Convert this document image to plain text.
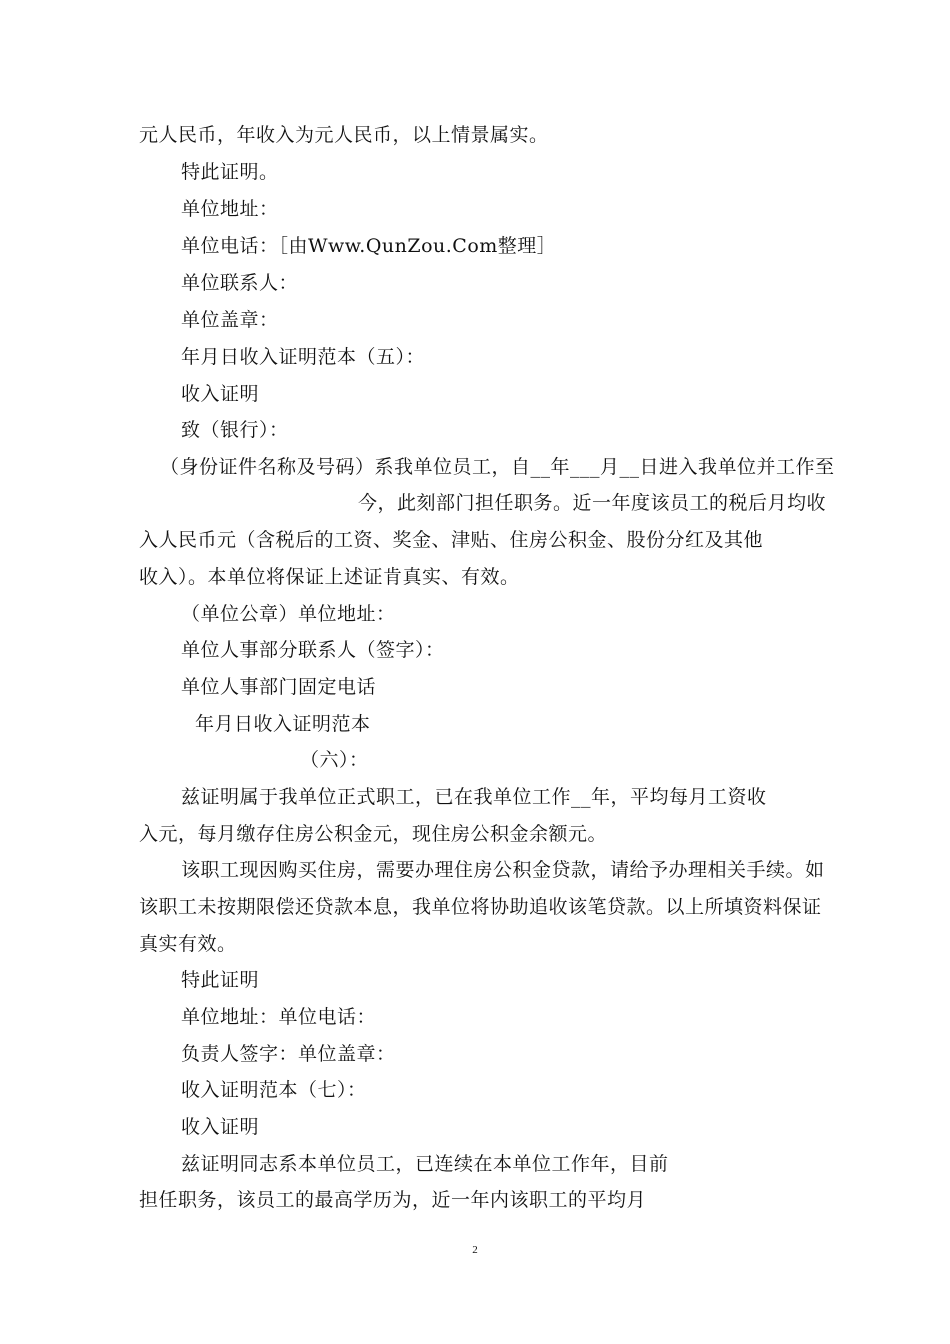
元人民币，年收入为元人民币，以上情景属实。
特此证明。
单位地址：
单位电话：［由Www.QunZou.Com整理］
单位联系人：
单位盖章：
年月日收入证明范本（五）：
收入证明
致（银行）：
（身份证件名称及号码）系我单位员工，自__年___月__日进入我单位并工作至
今，此刻部门担任职务。近一年度该员工的税后月均收
入人民币元（含税后的工资、奖金、津贴、住房公积金、股份分红及其他
收入）。本单位将保证上述证肯真实、有效。
（单位公章）单位地址：
单位人事部分联系人（签字）：
单位人事部门固定电话
年月日收入证明范本
（六）：
兹证明属于我单位正式职工，已在我单位工作__年，平均每月工资收
入元，每月缴存住房公积金元，现住房公积金余额元。
该职工现因购买住房，需要办理住房公积金贷款，请给予办理相关手续。如
该职工未按期限偿还贷款本息，我单位将协助追收该笔贷款。以上所填资料保证
真实有效。
特此证明
单位地址：单位电话：
负责人签字：单位盖章：
收入证明范本（七）：
收入证明
兹证明同志系本单位员工，已连续在本单位工作年，目前
担任职务，该员工的最高学历为，近一年内该职工的平均月
2
